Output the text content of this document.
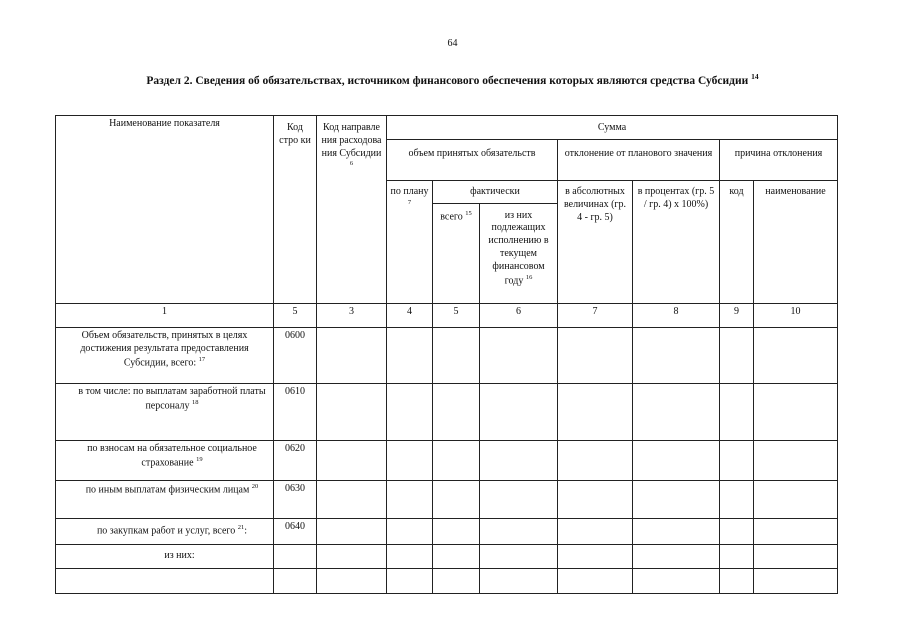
64
Раздел 2. Сведения об обязательствах, источником финансового обеспечения которых являются средства Субсидии $^{14}$
Наименование показателя	Код стро ки	Код направле ния расходова ния Субсидии $^6$	Сумма						
			объем принятых обязательств			отклонение от планового значения		причина отклонения	
			по плану $^7$	фактически		в абсолютных величинах (гр. 4 - гр. 5)	в процентах (гр. 5 / гр. 4) x 100%)	код	наименование
				всего $^{15}$	из них подлежащих исполнению в текущем финансовом году $^{16}$
1	5	3	4	5	6	7	8	9	10
Объем обязательств, принятых в целях достижения результата предоставления Субсидии, всего: $^{17}$	0600								
в том числе: по выплатам заработной платы персоналу $^{18}$	0610								
по взносам на обязательное социальное страхование $^{19}$	0620								
по иным выплатам физическим лицам $^{20}$	0630								
по закупкам работ и услуг, всего $^{21}$:	0640								
из них:									
